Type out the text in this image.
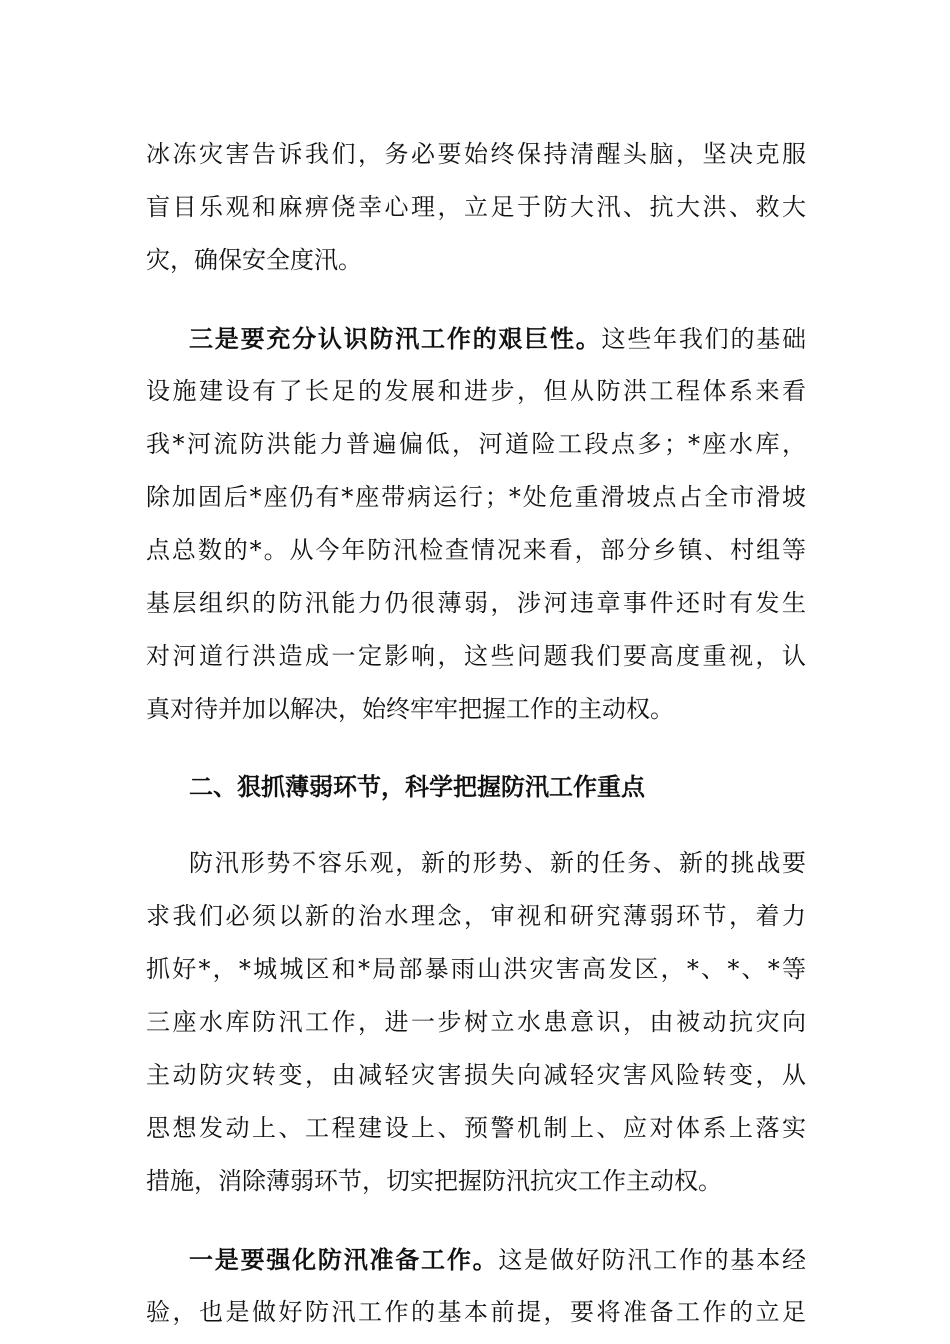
冰冻灾害告诉我们，务必要始终保持清醒头脑，坚决克服
盲目乐观和麻痹侥幸心理，立足于防大汛、抗大洪、救大
灾，确保安全度汛。
三是要充分认识防汛工作的艰巨性。这些年我们的基础
设施建设有了长足的发展和进步，但从防洪工程体系来看
我*河流防洪能力普遍偏低，河道险工段点多；*座水库，
除加固后*座仍有*座带病运行；*处危重滑坡点占全市滑坡
点总数的*。从今年防汛检查情况来看，部分乡镇、村组等
基层组织的防汛能力仍很薄弱，涉河违章事件还时有发生
对河道行洪造成一定影响，这些问题我们要高度重视，认
真对待并加以解决，始终牢牢把握工作的主动权。
二、狠抓薄弱环节，科学把握防汛工作重点
防汛形势不容乐观，新的形势、新的任务、新的挑战要
求我们必须以新的治水理念，审视和研究薄弱环节，着力
抓好*，*城城区和*局部暴雨山洪灾害高发区，*、*、*等
三座水库防汛工作，进一步树立水患意识，由被动抗灾向
主动防灾转变，由减轻灾害损失向减轻灾害风险转变，从
思想发动上、工程建设上、预警机制上、应对体系上落实
措施，消除薄弱环节，切实把握防汛抗灾工作主动权。
一是要强化防汛准备工作。这是做好防汛工作的基本经
验，也是做好防汛工作的基本前提，要将准备工作的立足
